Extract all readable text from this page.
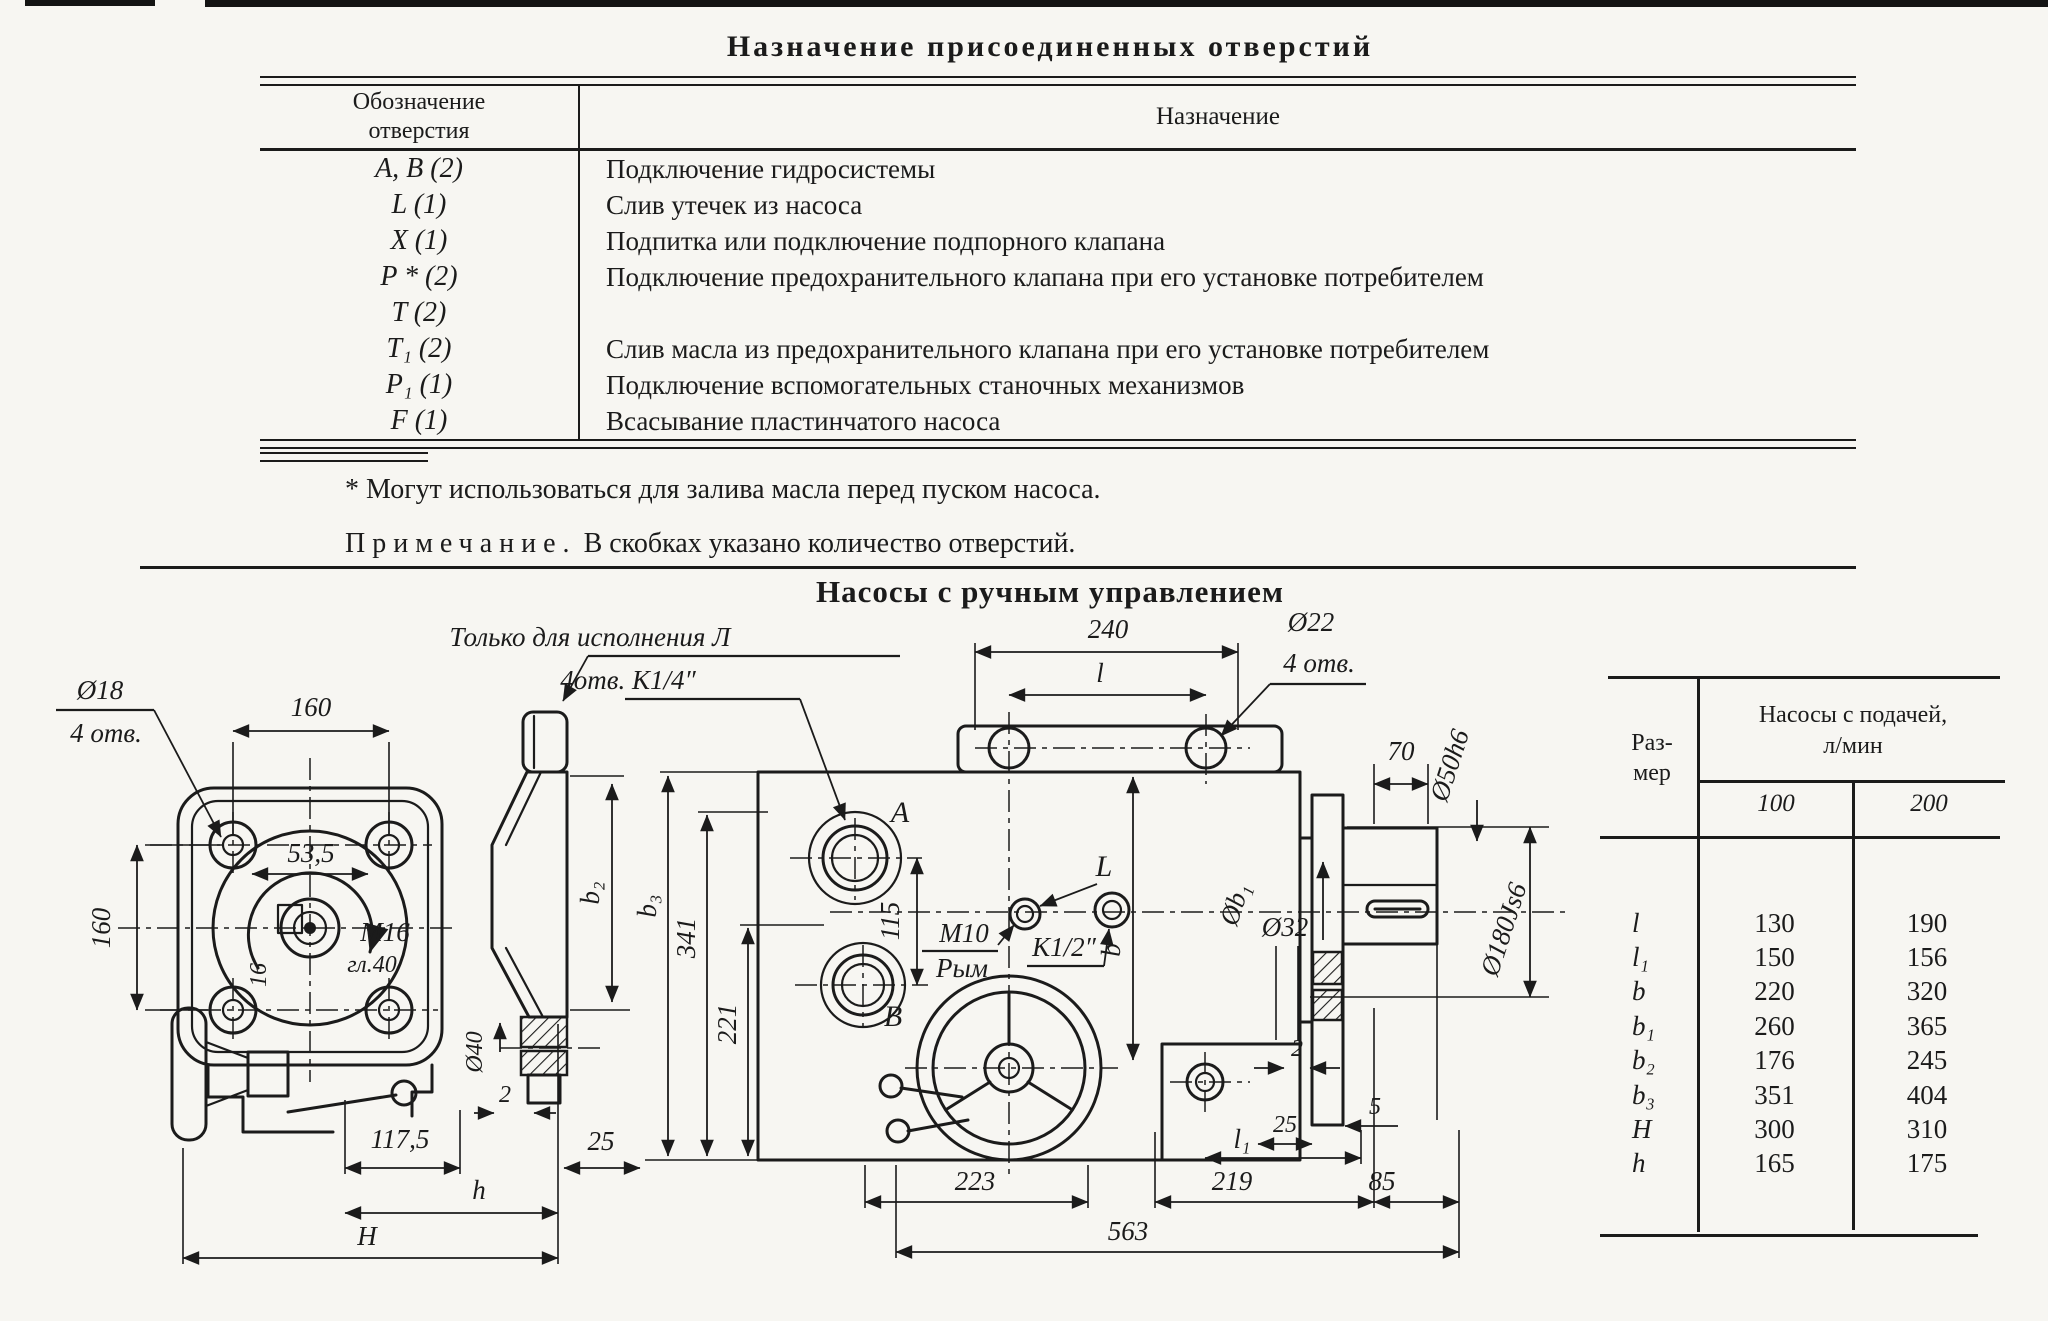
Назначение присоединенных отверстий
Обозначение
отверстия
Назначение
A, B (2)	Подключение гидросистемы
L (1)	Слив утечек из насоса
X (1)	Подпитка или подключение подпорного клапана
P * (2)	Подключение предохранительного клапана при его установке потребителем
T (2)
T₁ (2)	Слив масла из предохранительного клапана при его установке потребителем
P₁ (1)	Подключение вспомогательных станочных механизмов
F (1)	Всасывание пластинчатого насоса
* Могут использоваться для залива масла перед пуском насоса.
Примечание. В скобках указано количество отверстий.
Насосы с ручным управлением
160
160
Ø18
4 отв.
53,5
16
М16
гл.40
b₂
Ø40
2
25
117,5
h
H
Только для исполнения Л
4отв. К1/4″
240
l
Ø22
4 отв.
A
В
М10
Рым
К1/2″
L
115
b
b₃
341
221
70 Ø50h6
Ø180Js6
Øb₁ Ø32
2
25
5
l₁
219	85
223
563
Раз-
мер
Насосы с подачей,
л/мин
100	200
l	130	190
l₁	150	156
b	220	320
b₁	260	365
b₂	176	245
b₃	351	404
H	300	310
h	165	175
